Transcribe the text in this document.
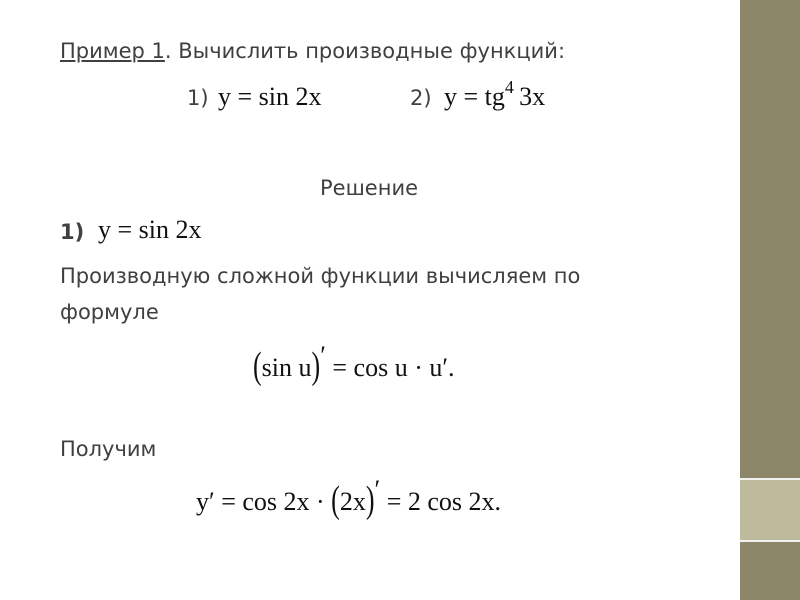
Пример 1. Вычислить производные функций:
1) y = sin 2x	2) $y = tg^4$  3x
Решение
1) y = sin 2x
Производную сложной функции вычисляем по
формуле
(sin u)′ = cos u · u′.
Получим
y′ = cos 2x · (2x)′ = 2 cos 2x.
